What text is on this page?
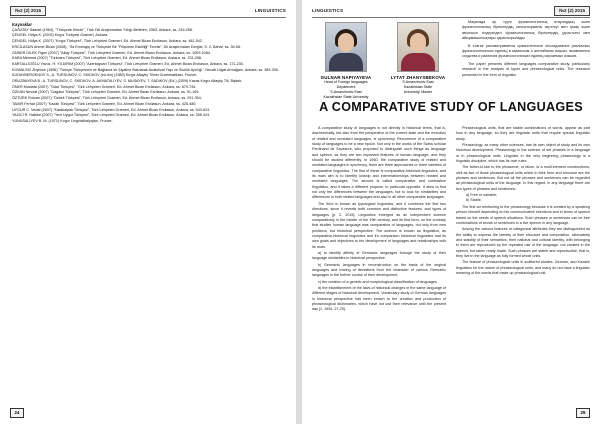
№2 (2) 2015	LINGUISTICS
Kaynaklar

ÇAĞATAY Saadet (1964), "Türkçede Kimdir", Türk Dili Araştırmaları Yıllığı-Belleten, 1963, Ankara, ss. 245-258.

ÇENGEL Hülya K. (2003) Kırgız Türkçesi Grameri, Ankara.

ÇENGEL Hülya K. (2007) "Kırgız Türkçesi", Türk Lehçeleri Grameri, Ed. Ahmet Bican Ercilasun, Ankara, ss. 481-542.

ERCİLASUN Ahmet Bican (2008), "Ла Елліндің ve Türkçede Bir "Fiilşürme Eskilliği" Teorisi", Dil Araştırmaları Dergisi, S. 2, Bahar, ss. 35-58.

GÜNER DİLEK Figen (2007) "Altay Türkçesi", Türk Lehçeleri Grameri, Ed. Ahmet Bican Ercilasun, Ankara, ss. 1009-1084.

KARA Mehmet (2007) "Türkmen Türkçesi", Türk Lehçeleri Grameri, Ed. Ahmet Bican Ercilasun, Ankara, ss. 231-298.

KARTALLIOĞLU Yavuz, H. YILDIRIM (2007) "Azerbaycan Türkçesi", Türk Lehçeleri Grameri, Ed. Ahmet Bican Ercilasun, Ankara, ss. 171-230.

KOWALSKİ Zbyniow (1996) "Türkiye Türkçesinin ve Bağlama ve Şiyatine Bakılarak Anatolical Yapı ve Sözlük Ayrılığı", Necati Lügat Armağanı, Ankara, ss. 389-395.

KUDAYBERGENOV S., A. TURSUNOV, C. SKIDKOV (ed.len) (1980) Kırgız Altayky Tilinin Grammatikası, Frunze.

ORUZBAYEVA B., A. TURSUNOV, C. SKIDKOV, A. AKMATALIYEV, S. MUSAYEV, T. SADIKOV (Ed.) (2009) Kazak Kırgız Altayky Tili, Bişkek.

ÖNER Mustafa (2007) "Tatar Türkçesi", Türk Lehçeleri Grameri, Ed. Ahmet Bican Ercilasun, Ankara, ss. 679-745.

ÖZKAN Nevzat (2007) "Gagauz Türkçesi", Türk Lehçeleri Grameri, Ed. Ahmet Bican Ercilasun, Ankara, ss. 91-169.

ÖZTÜRK Rıdvan (2007) "Özbek Türkçesi", Türk Lehçeleri Grameri, Ed. Ahmet Bican Ercilasun, Ankara, ss. 291-354.

TAMİR Ferhat (2007) "Kazak Türkçesi", Türk Lehçeleri Grameri, Ed. Ahmet Bican Ercilasun, Ankara, ss. 425-480.

UYGUR C. Vedat (2007) "Karakalpak Türkçesi", Türk Lehçeleri Grameri, Ed. Ahmet Bican Ercilasun, Ankara, ss. 543-624.

YAZICI R. Habibe (2007) "Yeni Uygur Türkçesi", Türk Lehçeleri Grameri, Ed. Ahmet Bican Ercilasun, Ankara, ss. 355-424.

YUNUSALİYEV B. M. (1971) Kırgız Lingvistikalyqtarı, Frunze.

24
LINGUISTICS	№2 (2) 2015
GULNAR NAPIYAYEVA
Head of Foreign languages
Department
S.Amanzholov East
Kazakhstan State University
LYTAT ZHANYSBEKOVA
S.Amanzholov East
Kazakhstan State
University, Master

Мақалада әр түрлі фразеологиялық атаулардың және фразеологиялық бірліктердің салыстырмалы зерттеуі мен қазақ және ағылшын тілдеріндегі фразеологиялық бірліктердің ұқсастығы мен айырмашылықтары қарастырылады.

В статье рассматривается сравнительное исследование различных фразеологических единиц в казахском и английском языках, выявляются сходства и различия фразеологических единиц изучаемых языков.

The paper presents different languages comparative study, particularly research in the analysis of types and phraseological units. The research presented in the form of linguistic.

A COMPARATIVE STUDY OF LANGUAGES

A comparative study of languages is not directly in historical terms, that is, diachronically, but also from the perspective of the current state and the evolution of related and unrelated languages, ie synchrony. Recurrence of a comparative study of languages to be a new epoch. Not only in the works of the Swiss scholar Ferdinand de Saussure, who proposed to distinguish such things as language and speech, as they are two important features of human language, and they should be studied differently. In 1960, the comparative study of related and unrelated languages in synchrony, there are three approaches or three varieties of comparative linguistics. The first of these is comparative-historical linguistics, and its main aim is to identify kinship and interrelationships between related and unrelated languages. The second is called comparative and contrastive linguistics, and it takes a different purpose, in particular opposite. It aims to find not only the differences between the languages, but to look for similarities and differences in both related languages and also in all other comparable languages.

The third is known as typological linguistics, and it combines the first two directions, since it reveals both common and distinctive features, and types of languages [p. 2, 2015]. Linguistics emerged as an independent science comparatively in the middle of the 19th century, and its first form, on the contrary that studies human language was comparative of languages, not only from new positions, but historical perspective. The science is known as linguistics, as comparative-historical linguistics and it's comparison historical linguistics had its own goals and objectives to the development of languages and relationships with its roots.

a) to identify affinity of Germanic languages through the study of their language similarities in historical perspective.

b) Germanic languages in reconstruction on the basis of the original languages and tracing of deviations from the character of various Germanic languages in the further course of their development.

c) the creation of a genetic and morphological classification of languages.

d) the establishment of the laws of historical changes in the same language of different stages of historical development. Vocabulary study of German languages in historical perspective has been known to the creation and production of phraseological dictionaries, which have not lost their relevance until the present day [1, 1994, 27-29].

Phraseological units, that are stable combinations of words, appear as part how in any language, so they are linguistic units that require special linguistic study.

Phraseology, as many other sciences, has its own object of study and its own historical development. Phraseology is the science of set phrases in a language or in phraseological units. Linguists in the very beginning phraseology is a linguistic discipline, which has its own rules.

The father-in-law to the phraseme, or idiom, is a multi-element constructions, well as two of those phraseological units which in their form and structure are the phrases and sentences. But not all the phrases and sentences can be regarded as phraseological units of the language. In this regard, in any language there are two types of phrases and sentences:

a) Free or variable;
b) Stable.

The first ad reinforcing to the phraseology because it is created by a speaking person himself depending on his communicative intentions and in terms of speech based on the needs of speech situations. Such phrases or sentences can be free combinations of words or sentences in a live speech in any language.

Among the various features or categorical attributes they are distinguished as the ability to express the identity of their structure and composition, idiomaticity and stability of their semantics, their national and cultural identity, with belonging to them are reproduced by the repeated use of the language, not created in the speech, but taken ready made. Such phrases are stable and reproducible, that is, they live in the language as fully formed whole units.

The feature of phraseological units in scattered studies. German, and Kazakh linguistics for the nature of phraseological units, and many do not have a linguistic meaning of the words that make up phraseological unit.

25
